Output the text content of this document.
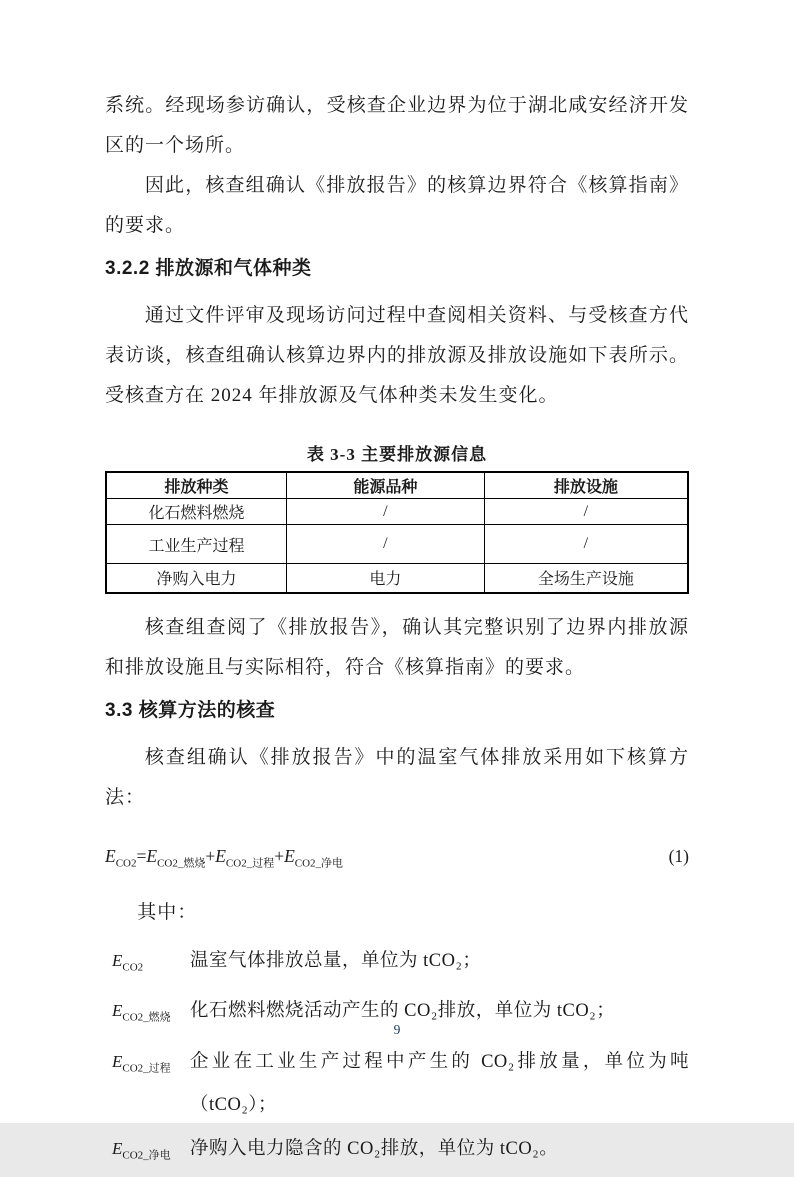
系统。经现场参访确认，受核查企业边界为位于湖北咸安经济开发区的一个场所。

因此，核查组确认《排放报告》的核算边界符合《核算指南》的要求。

3.2.2 排放源和气体种类

通过文件评审及现场访问过程中查阅相关资料、与受核查方代表访谈，核查组确认核算边界内的排放源及排放设施如下表所示。受核查方在 2024 年排放源及气体种类未发生变化。

表 3-3 主要排放源信息
排放种类	能源品种	排放设施
化石燃料燃烧	/	/
工业生产过程	/	/
净购入电力	电力	全场生产设施

核查组查阅了《排放报告》，确认其完整识别了边界内排放源和排放设施且与实际相符，符合《核算指南》的要求。

3.3 核算方法的核查

核查组确认《排放报告》中的温室气体排放采用如下核算方法：

$E_{CO2}=E_{CO2\_燃烧}+E_{CO2\_过程}+E_{CO2\_净电}$	(1)

其中：

$E_{CO2}$	温室气体排放总量，单位为 tCO₂；
$E_{CO2\_燃烧}$	化石燃料燃烧活动产生的 CO₂排放，单位为 tCO₂；
$E_{CO2\_过程}$	企业在工业生产过程中产生的 CO₂排放量，单位为吨（tCO₂）；
$E_{CO2\_净电}$	净购入电力隐含的 CO₂排放，单位为 tCO₂。
9
